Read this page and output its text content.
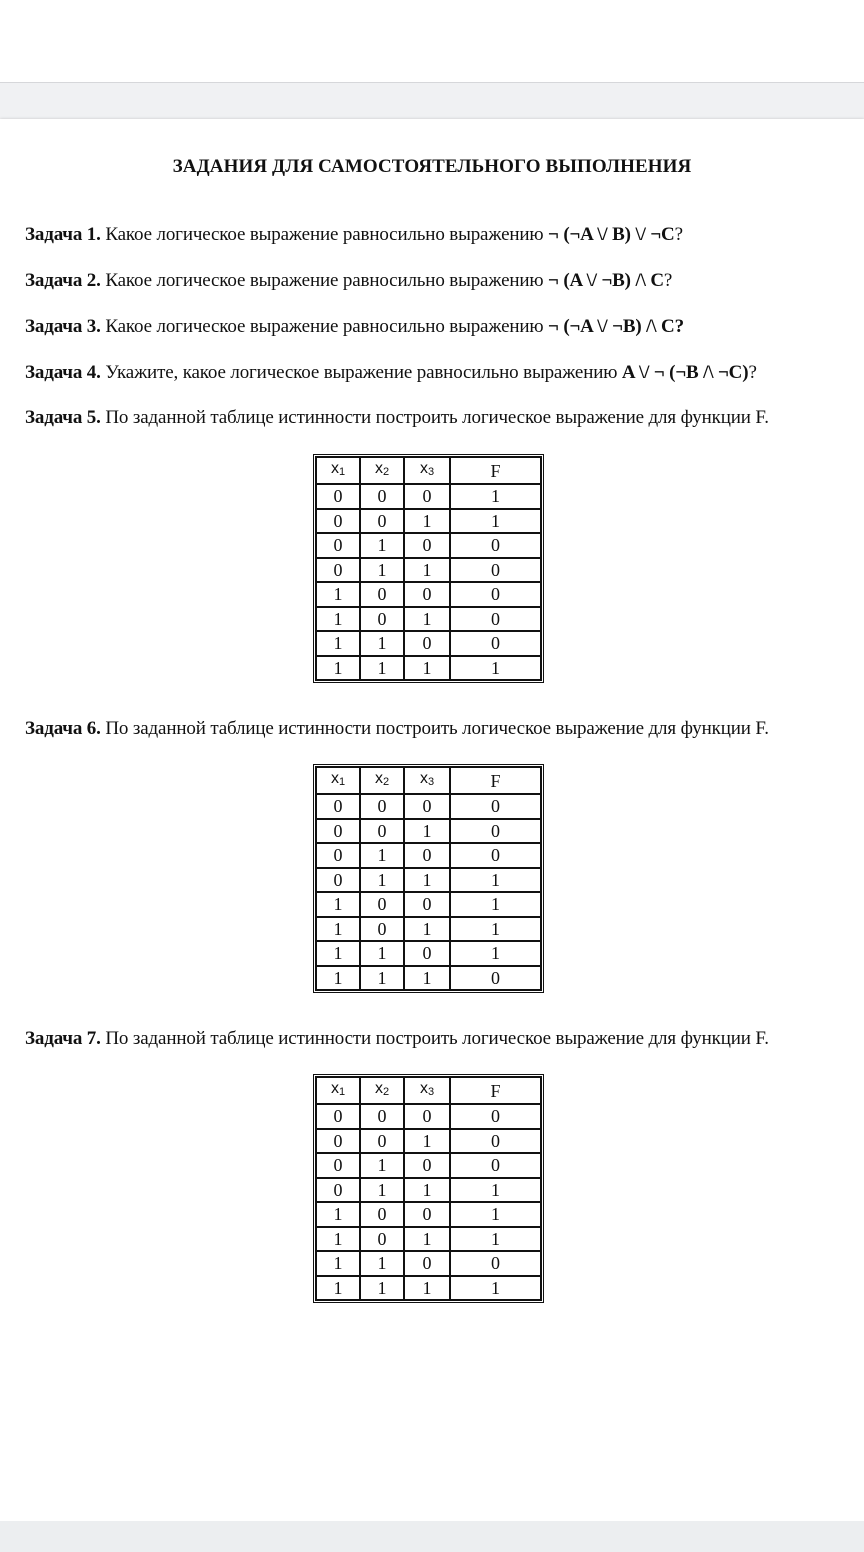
ЗАДАНИЯ ДЛЯ САМОСТОЯТЕЛЬНОГО ВЫПОЛНЕНИЯ
Задача 1. Какое логическое выражение равносильно выражению ¬ (¬A \/ B) \/ ¬C?
Задача 2. Какое логическое выражение равносильно выражению ¬ (A \/ ¬B) /\ C?
Задача 3. Какое логическое выражение равносильно выражению ¬ (¬A \/ ¬B) /\ C?
Задача 4. Укажите, какое логическое выражение равносильно выражению A \/ ¬ (¬B /\ ¬C)?
Задача 5. По заданной таблице истинности построить логическое выражение для функции F.
$x_1$	$x_2$	$x_3$	F
0	0	0	1
0	0	1	1
0	1	0	0
0	1	1	0
1	0	0	0
1	0	1	0
1	1	0	0
1	1	1	1
Задача 6. По заданной таблице истинности построить логическое выражение для функции F.
$x_1$	$x_2$	$x_3$	F
0	0	0	0
0	0	1	0
0	1	0	0
0	1	1	1
1	0	0	1
1	0	1	1
1	1	0	1
1	1	1	0
Задача 7. По заданной таблице истинности построить логическое выражение для функции F.
$x_1$	$x_2$	$x_3$	F
0	0	0	0
0	0	1	0
0	1	0	0
0	1	1	1
1	0	0	1
1	0	1	1
1	1	0	0
1	1	1	1
